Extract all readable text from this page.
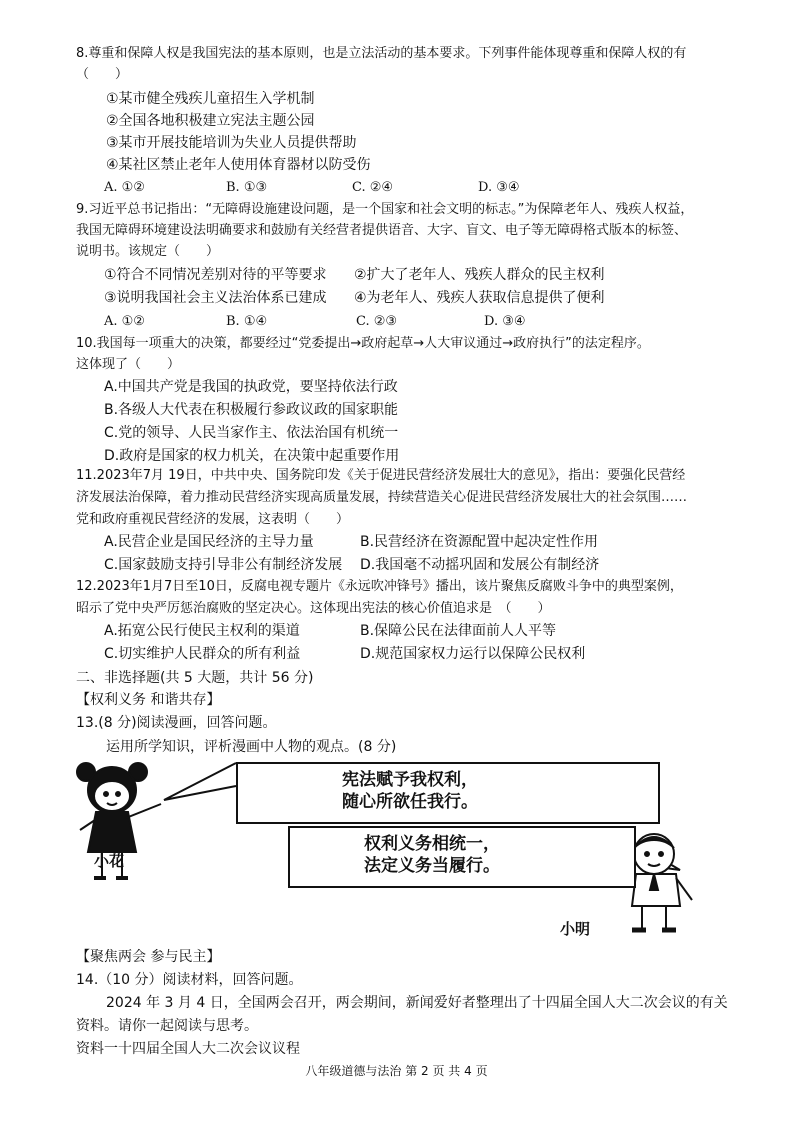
8.尊重和保障人权是我国宪法的基本原则，也是立法活动的基本要求。下列事件能体现尊重和保障人权的有
（　　）
①某市健全残疾儿童招生入学机制
②全国各地积极建立宪法主题公园
③某市开展技能培训为失业人员提供帮助
④某社区禁止老年人使用体育器材以防受伤
A. ①②	B. ①③	C. ②④	D. ③④
9.习近平总书记指出：“无障碍设施建设问题，是一个国家和社会文明的标志。”为保障老年人、残疾人权益，
我国无障碍环境建设法明确要求和鼓励有关经营者提供语音、大字、盲文、电子等无障碍格式版本的标签、
说明书。该规定（　　）
①符合不同情况差别对待的平等要求 ②扩大了老年人、残疾人群众的民主权利
③说明我国社会主义法治体系已建成 ④为老年人、残疾人获取信息提供了便利
A. ①②	B. ①④	C. ②③	D. ③④
10.我国每一项重大的决策，都要经过“党委提出→政府起草→人大审议通过→政府执行”的法定程序。
这体现了（　　）
A.中国共产党是我国的执政党，要坚持依法行政
B.各级人大代表在积极履行参政议政的国家职能
C.党的领导、人民当家作主、依法治国有机统一
D.政府是国家的权力机关，在决策中起重要作用
11.2023年7月 19日，中共中央、国务院印发《关于促进民营经济发展壮大的意见》，指出：要强化民营经
济发展法治保障，着力推动民营经济实现高质量发展，持续营造关心促进民营经济发展壮大的社会氛围……
党和政府重视民营经济的发展，这表明（　　）
A.民营企业是国民经济的主导力量	B.民营经济在资源配置中起决定性作用
C.国家鼓励支持引导非公有制经济发展 D.我国毫不动摇巩固和发展公有制经济
12.2023年1月7日至10日，反腐电视专题片《永远吹冲锋号》播出，该片聚焦反腐败斗争中的典型案例，
昭示了党中央严厉惩治腐败的坚定决心。这体现出宪法的核心价值追求是　（　　）
A.拓宽公民行使民主权利的渠道	B.保障公民在法律面前人人平等
C.切实维护人民群众的所有利益	D.规范国家权力运行以保障公民权利
二、非选择题(共 5 大题，共计 56 分)
【权利义务 和谐共存】
13.(8 分)阅读漫画，回答问题。
运用所学知识，评析漫画中人物的观点。(8 分)
宪法赋予我权利，
随心所欲任我行。
权利义务相统一，
法定义务当履行。
小花
小明
【聚焦两会 参与民主】
14.（10 分）阅读材料，回答问题。
2024 年 3 月 4 日，全国两会召开，两会期间，新闻爱好者整理出了十四届全国人大二次会议的有关
资料。请你一起阅读与思考。
资料一十四届全国人大二次会议议程
八年级道德与法治 第 2 页 共 4 页
